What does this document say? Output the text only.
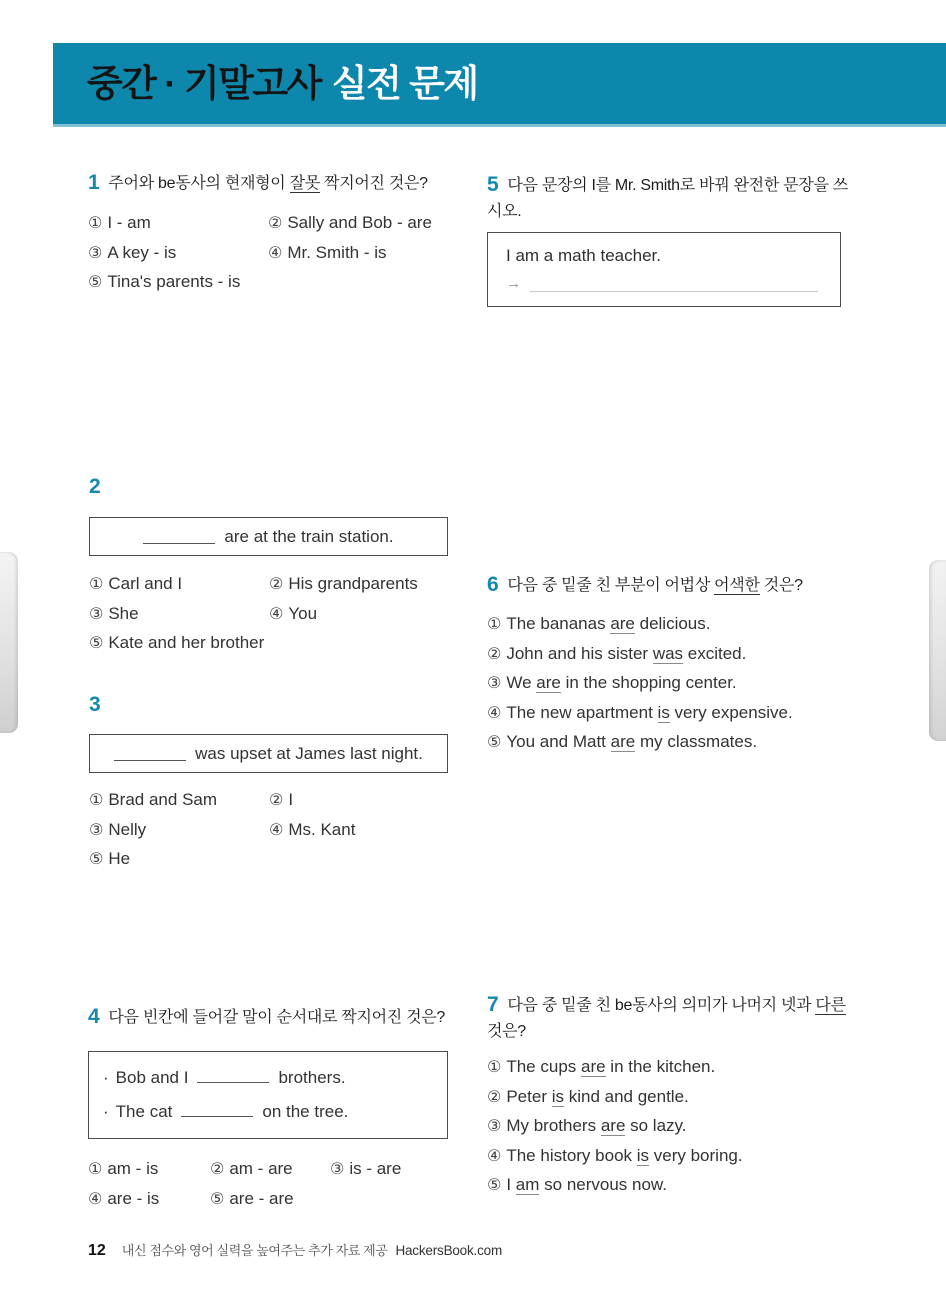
중간 · 기말고사 실전 문제
1 주어와 be동사의 현재형이 잘못 짝지어진 것은?
① I - am	② Sally and Bob - are
③ A key - is	④ Mr. Smith - is
⑤ Tina's parents - is
2
are at the train station.
① Carl and I	② His grandparents
③ She	④ You
⑤ Kate and her brother
3
was upset at James last night.
① Brad and Sam	② I
③ Nelly	④ Ms. Kant
⑤ He
4 다음 빈칸에 들어갈 말이 순서대로 짝지어진 것은?
· Bob and I	brothers.
· The cat	on the tree.
① am - is	② am - are	③ is - are
④ are - is	⑤ are - are
5 다음 문장의 I를 Mr. Smith로 바꿔 완전한 문장을 쓰시오.
I am a math teacher.
→
6 다음 중 밑줄 친 부분이 어법상 어색한 것은?
① The bananas are delicious.
② John and his sister was excited.
③ We are in the shopping center.
④ The new apartment is very expensive.
⑤ You and Matt are my classmates.
7 다음 중 밑줄 친 be동사의 의미가 나머지 넷과 다른 것은?
① The cups are in the kitchen.
② Peter is kind and gentle.
③ My brothers are so lazy.
④ The history book is very boring.
⑤ I am so nervous now.
12 내신 점수와 영어 실력을 높여주는 추가 자료 제공 HackersBook.com
